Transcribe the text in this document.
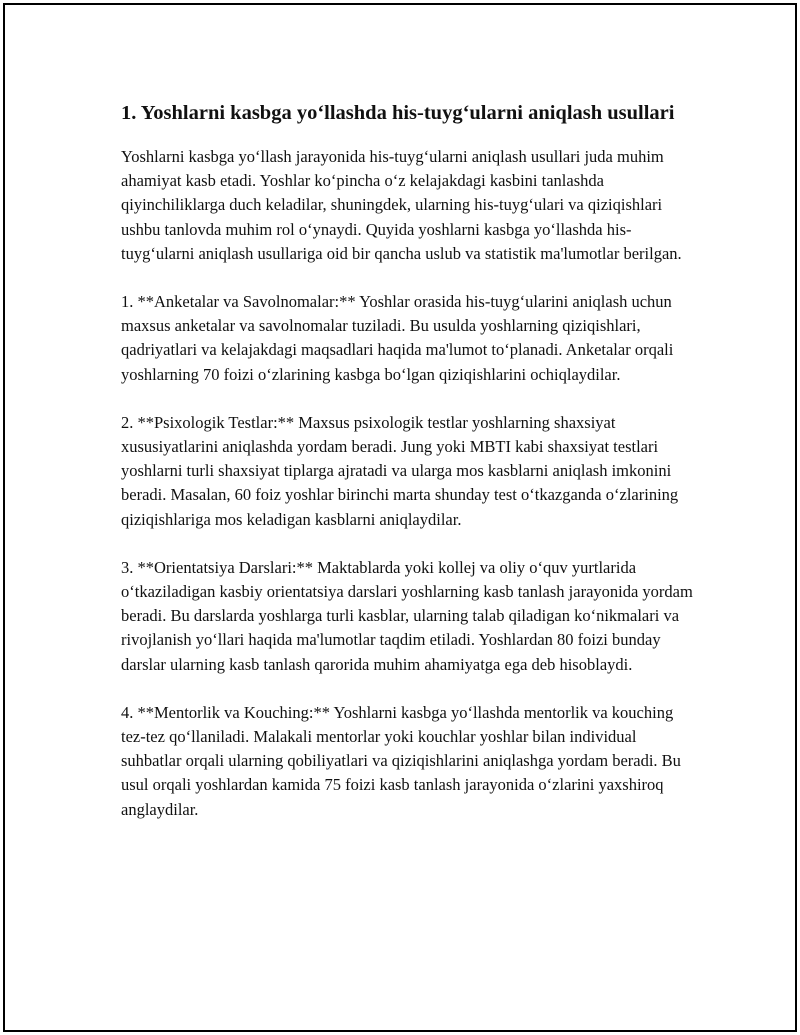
1. Yoshlarni kasbga yo‘llashda his-tuyg‘ularni aniqlash usullari

Yoshlarni kasbga yo‘llash jarayonida his-tuyg‘ularni aniqlash usullari juda muhim ahamiyat kasb etadi. Yoshlar ko‘pincha o‘z kelajakdagi kasbini tanlashda qiyinchiliklarga duch keladilar, shuningdek, ularning his-tuyg‘ulari va qiziqishlari ushbu tanlovda muhim rol o‘ynaydi. Quyida yoshlarni kasbga yo‘llashda his-tuyg‘ularni aniqlash usullariga oid bir qancha uslub va statistik ma'lumotlar berilgan.

1. **Anketalar va Savolnomalar:** Yoshlar orasida his-tuyg‘ularini aniqlash uchun maxsus anketalar va savolnomalar tuziladi. Bu usulda yoshlarning qiziqishlari, qadriyatlari va kelajakdagi maqsadlari haqida ma'lumot to‘planadi. Anketalar orqali yoshlarning 70 foizi o‘zlarining kasbga bo‘lgan qiziqishlarini ochiqlaydilar.

2. **Psixologik Testlar:** Maxsus psixologik testlar yoshlarning shaxsiyat xususiyatlarini aniqlashda yordam beradi. Jung yoki MBTI kabi shaxsiyat testlari yoshlarni turli shaxsiyat tiplarga ajratadi va ularga mos kasblarni aniqlash imkonini beradi. Masalan, 60 foiz yoshlar birinchi marta shunday test o‘tkazganda o‘zlarining qiziqishlariga mos keladigan kasblarni aniqlaydilar.

3. **Orientatsiya Darslari:** Maktablarda yoki kollej va oliy o‘quv yurtlarida o‘tkaziladigan kasbiy orientatsiya darslari yoshlarning kasb tanlash jarayonida yordam beradi. Bu darslarda yoshlarga turli kasblar, ularning talab qiladigan ko‘nikmalari va rivojlanish yo‘llari haqida ma'lumotlar taqdim etiladi. Yoshlardan 80 foizi bunday darslar ularning kasb tanlash qarorida muhim ahamiyatga ega deb hisoblaydi.

4. **Mentorlik va Kouching:** Yoshlarni kasbga yo‘llashda mentorlik va kouching tez-tez qo‘llaniladi. Malakali mentorlar yoki kouchlar yoshlar bilan individual suhbatlar orqali ularning qobiliyatlari va qiziqishlarini aniqlashga yordam beradi. Bu usul orqali yoshlardan kamida 75 foizi kasb tanlash jarayonida o‘zlarini yaxshiroq anglaydilar.
